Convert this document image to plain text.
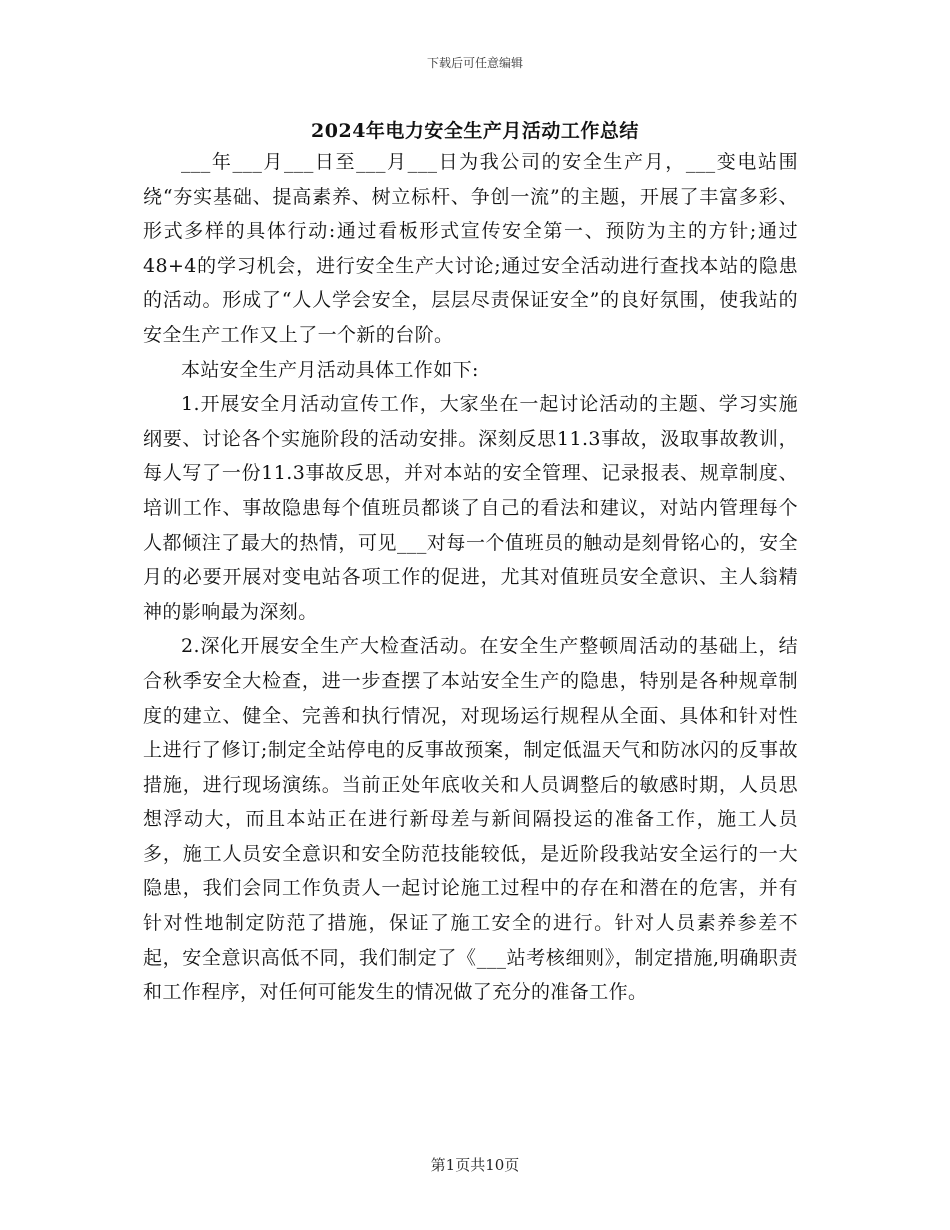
下载后可任意编辑
2024年电力安全生产月活动工作总结

___年___月___日至___月___日为我公司的安全生产月，___变电站围绕“夯实基础、提高素养、树立标杆、争创一流”的主题，开展了丰富多彩、形式多样的具体行动:通过看板形式宣传安全第一、预防为主的方针;通过48+4的学习机会，进行安全生产大讨论;通过安全活动进行查找本站的隐患的活动。形成了“人人学会安全，层层尽责保证安全”的良好氛围，使我站的安全生产工作又上了一个新的台阶。

本站安全生产月活动具体工作如下:

1.开展安全月活动宣传工作，大家坐在一起讨论活动的主题、学习实施纲要、讨论各个实施阶段的活动安排。深刻反思11.3事故，汲取事故教训，每人写了一份11.3事故反思，并对本站的安全管理、记录报表、规章制度、培训工作、事故隐患每个值班员都谈了自己的看法和建议，对站内管理每个人都倾注了最大的热情，可见___对每一个值班员的触动是刻骨铭心的，安全月的必要开展对变电站各项工作的促进，尤其对值班员安全意识、主人翁精神的影响最为深刻。

2.深化开展安全生产大检查活动。在安全生产整顿周活动的基础上，结合秋季安全大检查，进一步查摆了本站安全生产的隐患，特别是各种规章制度的建立、健全、完善和执行情况，对现场运行规程从全面、具体和针对性上进行了修订;制定全站停电的反事故预案，制定低温天气和防冰闪的反事故措施，进行现场演练。当前正处年底收关和人员调整后的敏感时期，人员思想浮动大，而且本站正在进行新母差与新间隔投运的准备工作，施工人员多，施工人员安全意识和安全防范技能较低，是近阶段我站安全运行的一大隐患，我们会同工作负责人一起讨论施工过程中的存在和潜在的危害，并有针对性地制定防范了措施，保证了施工安全的进行。针对人员素养参差不起，安全意识高低不同，我们制定了《___站考核细则》，制定措施,明确职责和工作程序，对任何可能发生的情况做了充分的准备工作。

第1页共10页
